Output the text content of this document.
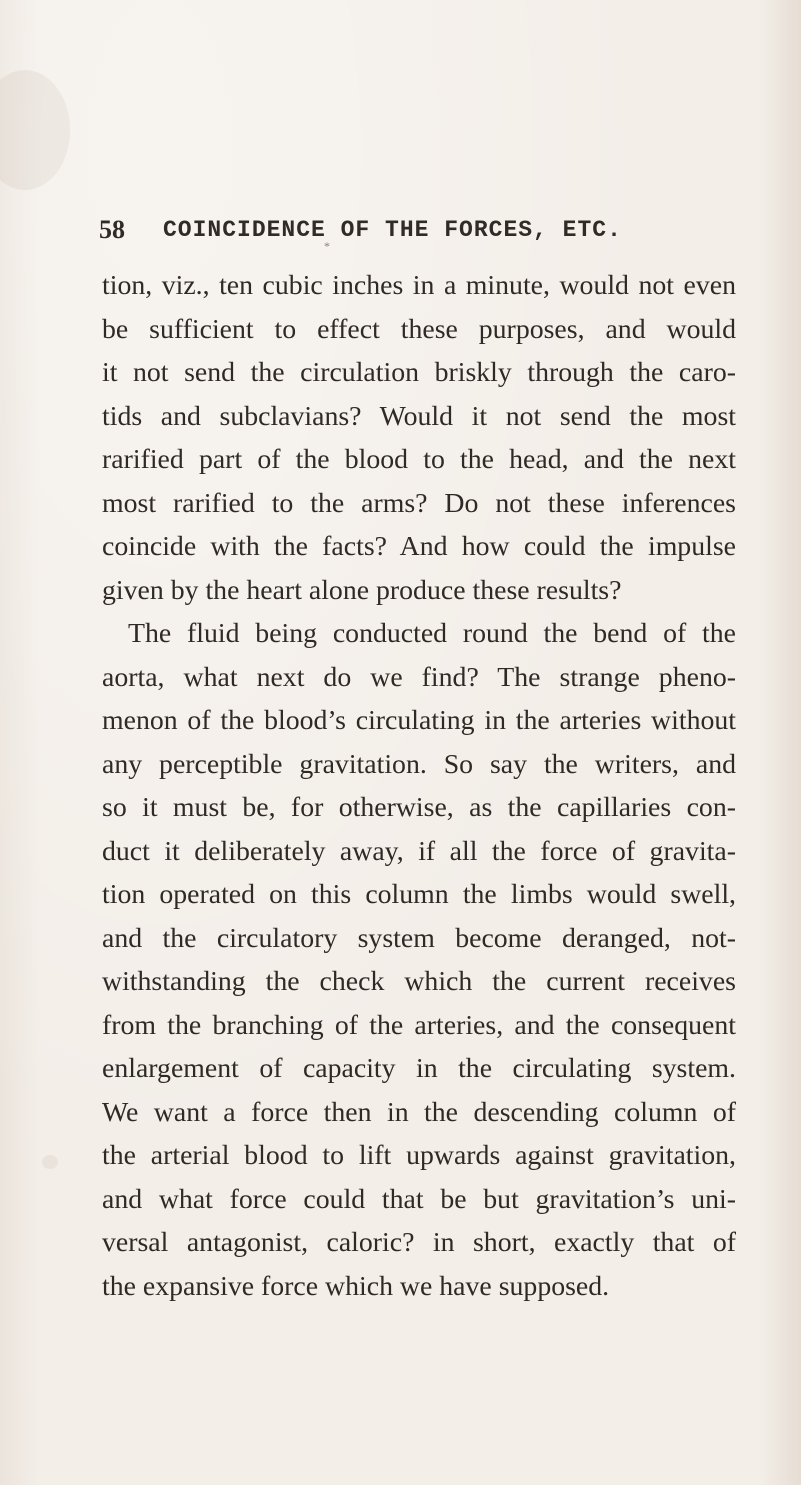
58 COINCIDENCE OF THE FORCES, ETC.
*
tion, viz., ten cubic inches in a minute, would not even
be sufficient to effect these purposes, and would
it not send the circulation briskly through the caro-
tids and subclavians? Would it not send the most
rarified part of the blood to the head, and the next
most rarified to the arms? Do not these inferences
coincide with the facts? And how could the impulse
given by the heart alone produce these results?
The fluid being conducted round the bend of the
aorta, what next do we find? The strange pheno-
menon of the blood’s circulating in the arteries without
any perceptible gravitation. So say the writers, and
so it must be, for otherwise, as the capillaries con-
duct it deliberately away, if all the force of gravita-
tion operated on this column the limbs would swell,
and the circulatory system become deranged, not-
withstanding the check which the current receives
from the branching of the arteries, and the consequent
enlargement of capacity in the circulating system.
We want a force then in the descending column of
the arterial blood to lift upwards against gravitation,
and what force could that be but gravitation’s uni-
versal antagonist, caloric? in short, exactly that of
the expansive force which we have supposed.
